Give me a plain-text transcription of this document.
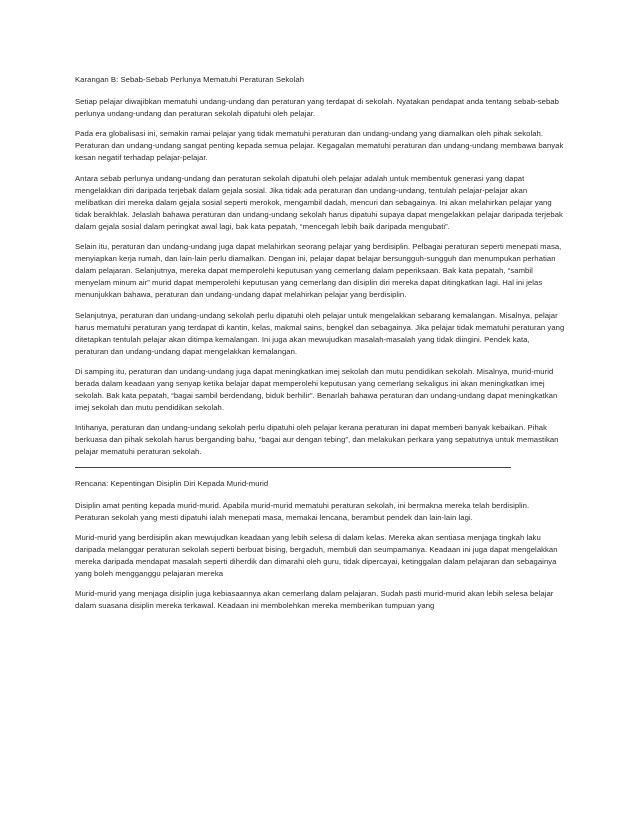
Karangan B: Sebab-Sebab Perlunya Mematuhi Peraturan Sekolah

Setiap pelajar diwajibkan mematuhi undang-undang dan peraturan yang terdapat di sekolah. Nyatakan pendapat anda tentang sebab-sebab perlunya undang-undang dan peraturan sekolah dipatuhi oleh pelajar.

Pada era globalisasi ini, semakin ramai pelajar yang tidak mematuhi peraturan dan undang-undang yang diamalkan oleh pihak sekolah. Peraturan dan undang-undang sangat penting kepada semua pelajar. Kegagalan mematuhi peraturan dan undang-undang membawa banyak kesan negatif terhadap pelajar-pelajar.

Antara sebab perlunya undang-undang dan peraturan sekolah dipatuhi oleh pelajar adalah untuk membentuk generasi yang dapat mengelakkan diri daripada terjebak dalam gejala sosial. Jika tidak ada peraturan dan undang-undang, tentulah pelajar-pelajar akan melibatkan diri mereka dalam gejala sosial seperti merokok, mengambil dadah, mencuri dan sebagainya. Ini akan melahirkan pelajar yang tidak berakhlak. Jelaslah bahawa peraturan dan undang-undang sekolah harus dipatuhi supaya dapat mengelakkan pelajar daripada terjebak dalam gejala sosial dalam peringkat awal lagi, bak kata pepatah, “mencegah lebih baik daripada mengubati”.

Selain itu, peraturan dan undang-undang juga dapat melahirkan seorang pelajar yang berdisiplin. Pelbagai peraturan seperti menepati masa, menyiapkan kerja rumah, dan lain-lain perlu diamalkan. Dengan ini, pelajar dapat belajar bersungguh-sungguh dan menumpukan perhatian dalam pelajaran. Selanjutnya, mereka dapat memperolehi keputusan yang cemerlang dalam peperiksaan. Bak kata pepatah, “sambil menyelam minum air” murid dapat memperolehi keputusan yang cemerlang dan disiplin diri mereka dapat ditingkatkan lagi. Hal ini jelas menunjukkan bahawa, peraturan dan undang-undang dapat melahirkan pelajar yang berdisiplin.

Selanjutnya, peraturan dan undang-undang sekolah perlu dipatuhi oleh pelajar untuk mengelakkan sebarang kemalangan. Misalnya, pelajar harus mematuhi peraturan yang terdapat di kantin, kelas, makmal sains, bengkel dan sebagainya. Jika pelajar tidak mematuhi peraturan yang ditetapkan tentulah pelajar akan ditimpa kemalangan. Ini juga akan mewujudkan masalah-masalah yang tidak diingini. Pendek kata, peraturan dan undang-undang dapat mengelakkan kemalangan.

Di samping itu, peraturan dan undang-undang juga dapat meningkatkan imej sekolah dan mutu pendidikan sekolah. Misalnya, murid-murid berada dalam keadaan yang senyap ketika belajar dapat memperolehi keputusan yang cemerlang sekaligus ini akan meningkatkan imej sekolah. Bak kata pepatah, “bagai sambil berdendang, biduk berhilir”. Benarlah bahawa peraturan dan undang-undang dapat meningkatkan imej sekolah dan mutu pendidikan sekolah.

Intihanya, peraturan dan undang-undang sekolah perlu dipatuhi oleh pelajar kerana peraturan ini dapat memberi banyak kebaikan. Pihak berkuasa dan pihak sekolah harus berganding bahu, “bagai aur dengan tebing”, dan melakukan perkara yang sepatutnya untuk memastikan pelajar mematuhi peraturan sekolah.

Rencana: Kepentingan Disiplin Diri Kepada Murid-murid

Disiplin amat penting kepada murid-murid. Apabila murid-murid mematuhi peraturan sekolah, ini bermakna mereka telah berdisiplin. Peraturan sekolah yang mesti dipatuhi ialah menepati masa, memakai lencana, berambut pendek dan lain-lain lagi.

Murid-murid yang berdisiplin akan mewujudkan keadaan yang lebih selesa di dalam kelas. Mereka akan sentiasa menjaga tingkah laku daripada melanggar peraturan sekolah seperti berbuat bising, bergaduh, membuli dan seumpamanya. Keadaan ini juga dapat mengelakkan mereka daripada mendapat masalah seperti diherdik dan dimarahi oleh guru, tidak dipercayai, ketinggalan dalam pelajaran dan sebagainya yang boleh mengganggu pelajaran mereka

Murid-murid yang menjaga disiplin juga kebiasaannya akan cemerlang dalam pelajaran. Sudah pasti murid-murid akan lebih selesa belajar dalam suasana disiplin mereka terkawal. Keadaan ini membolehkan mereka memberikan tumpuan yang
